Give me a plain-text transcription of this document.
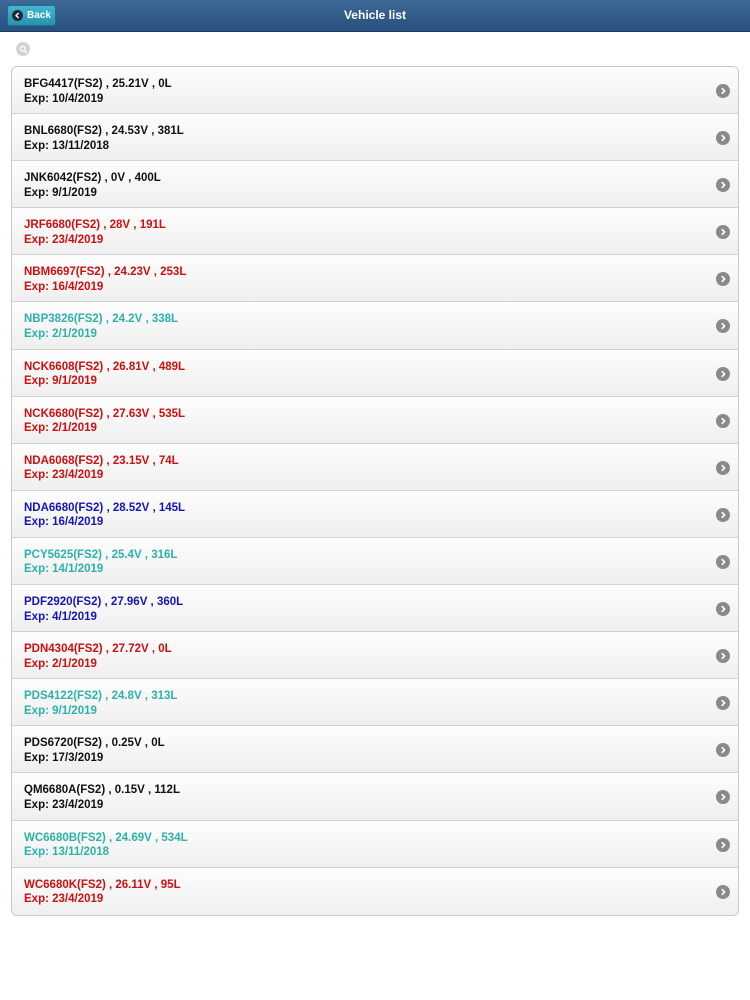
Back	Vehicle list
BFG4417(FS2) , 25.21V , 0L
Exp: 10/4/2019
BNL6680(FS2) , 24.53V , 381L
Exp: 13/11/2018
JNK6042(FS2) , 0V , 400L
Exp: 9/1/2019
JRF6680(FS2) , 28V , 191L
Exp: 23/4/2019
NBM6697(FS2) , 24.23V , 253L
Exp: 16/4/2019
NBP3826(FS2) , 24.2V , 338L
Exp: 2/1/2019
NCK6608(FS2) , 26.81V , 489L
Exp: 9/1/2019
NCK6680(FS2) , 27.63V , 535L
Exp: 2/1/2019
NDA6068(FS2) , 23.15V , 74L
Exp: 23/4/2019
NDA6680(FS2) , 28.52V , 145L
Exp: 16/4/2019
PCY5625(FS2) , 25.4V , 316L
Exp: 14/1/2019
PDF2920(FS2) , 27.96V , 360L
Exp: 4/1/2019
PDN4304(FS2) , 27.72V , 0L
Exp: 2/1/2019
PDS4122(FS2) , 24.8V , 313L
Exp: 9/1/2019
PDS6720(FS2) , 0.25V , 0L
Exp: 17/3/2019
QM6680A(FS2) , 0.15V , 112L
Exp: 23/4/2019
WC6680B(FS2) , 24.69V , 534L
Exp: 13/11/2018
WC6680K(FS2) , 26.11V , 95L
Exp: 23/4/2019
